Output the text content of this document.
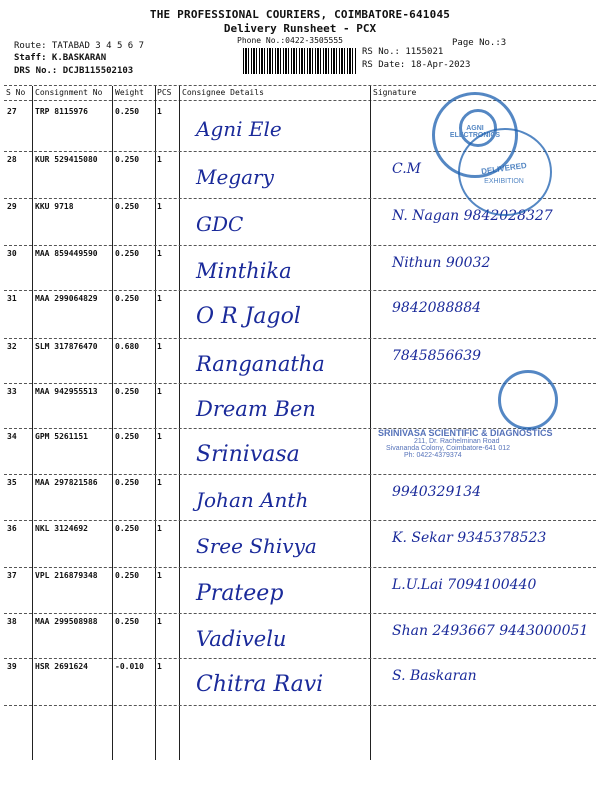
THE PROFESSIONAL COURIERS, COIMBATORE-641045
Delivery Runsheet - PCX
Phone No.:0422-3505555	Page No.:3
Route: TATABAD 3 4 5 6 7
Staff: K.BASKARAN
DRS No.: DCJB115502103
RS No.: 1155021
RS Date: 18-Apr-2023
S No Consignment No Weight PCS Consignee Details	Signature
27 TRP 8115976	0.250 1
Agni Ele
28 KUR 529415080 0.250 1
Megary	C.M
29 KKU 9718	0.250 1
GDC	N. Nagan 9842028327
30 MAA 859449590 0.250 1
Minthika	Nithun 90032
31 MAA 299064829 0.250 1
O R Jagol	9842088884
32 SLM 317876470 0.680 1
Ranganatha	7845856639
33 MAA 942955513 0.250 1
Dream Ben
34 GPM 5261151	0.250 1
Srinivasa
35 MAA 297821586 0.250 1
Johan Anth	9940329134
36 NKL 3124692	0.250 1
Sree Shivya	K. Sekar 9345378523
37 VPL 216879348 0.250 1
Prateep	L.U.Lai 7094100440
38 MAA 299508988 0.250 1
Vadivelu	Shan 2493667 9443000051
39 HSR 2691624	-0.010 1
Chitra Ravi	S. Baskaran
AGNI ELECTRONICS
DELIVERED
EXHIBITION
SRINIVASA SCIENTIFIC & DIAGNOSTICS
211, Dr. Rachelminan Road
Sivananda Colony, Coimbatore-641 012
Ph: 0422-4379374
